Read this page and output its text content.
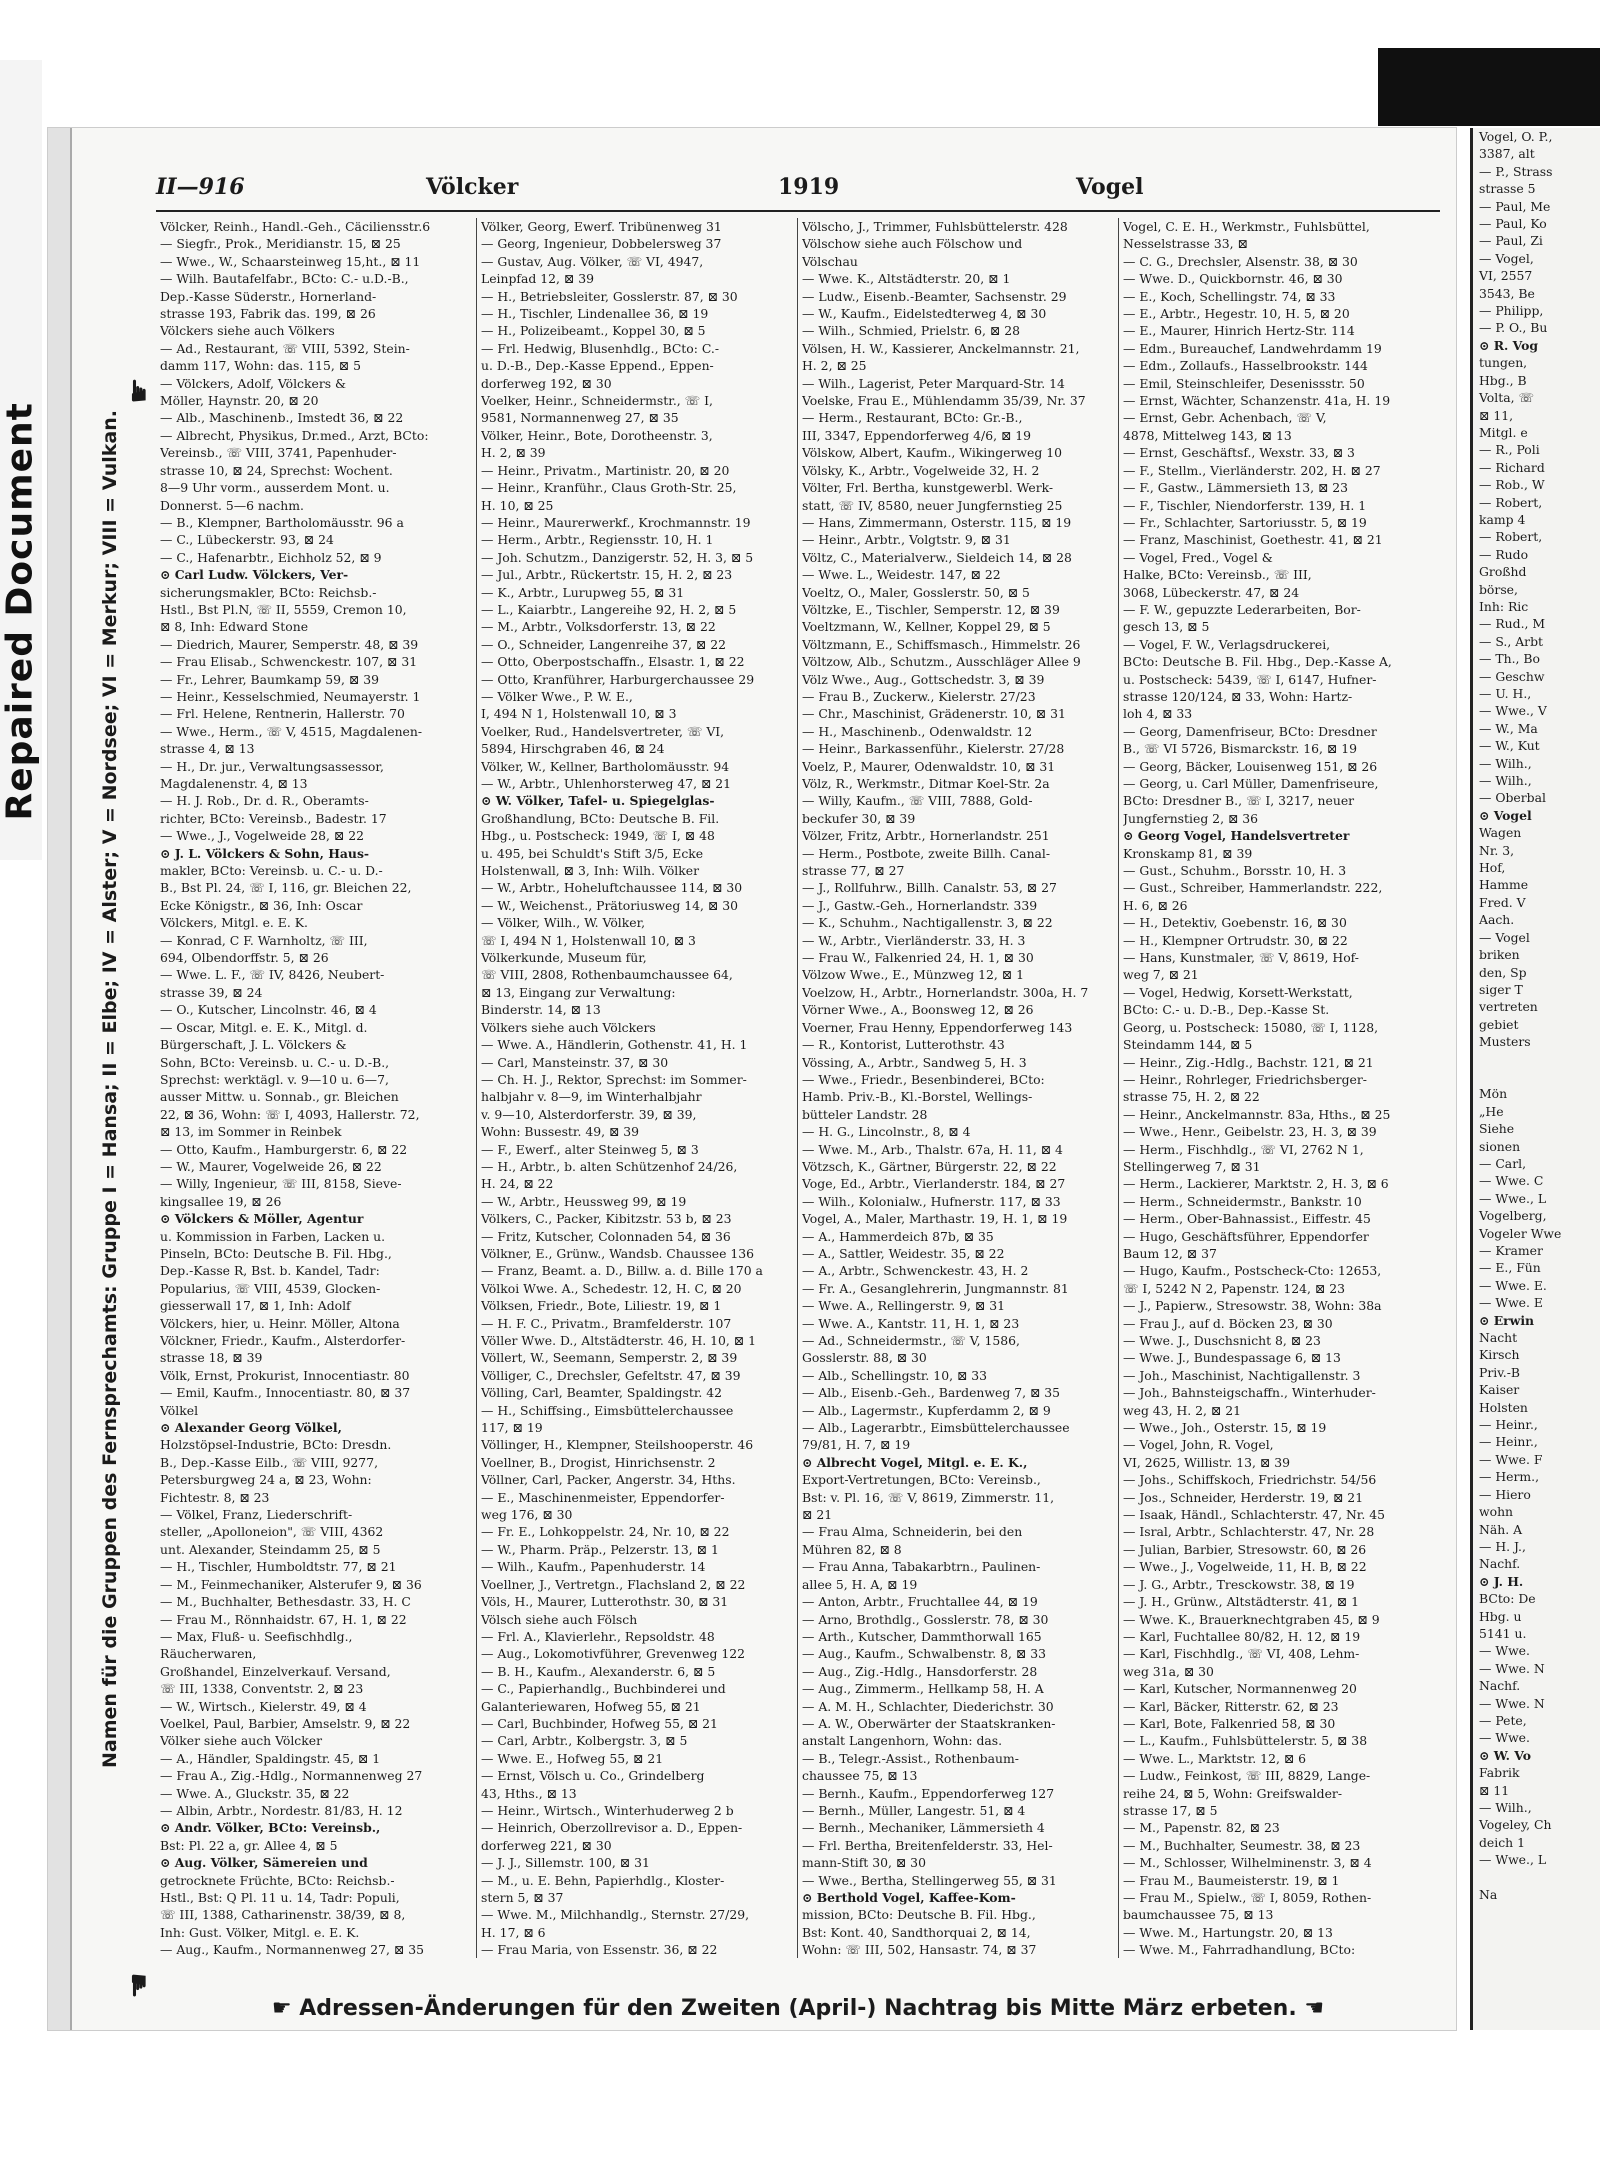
Repaired Document	Namen für die Gruppen des Fernsprechamts: Gruppe I = Hansa; II = Elbe; IV = Alster; V = Nordsee; VI = Merkur; VIII = Vulkan.
☛
☚
II—916	Völcker	1919	Vogel
Völcker, Reinh., Handl.-Geh., Cäciliensstr.6
— Siegfr., Prok., Meridianstr. 15, ⊠ 25
— Wwe., W., Schaarsteinweg 15,ht., ⊠ 11
— Wilh. Bautafelfabr., BCto: C.- u.D.-B.,
Dep.-Kasse Süderstr., Hornerland-
strasse 193, Fabrik das. 199, ⊠ 26
Völckers siehe auch Völkers
— Ad., Restaurant, ☏ VIII, 5392, Stein-
damm 117, Wohn: das. 115, ⊠ 5
— Völckers, Adolf, Völckers &
Möller, Haynstr. 20, ⊠ 20
— Alb., Maschinenb., Imstedt 36, ⊠ 22
— Albrecht, Physikus, Dr.med., Arzt, BCto:
Vereinsb., ☏ VIII, 3741, Papenhuder-
strasse 10, ⊠ 24, Sprechst: Wochent.
8—9 Uhr vorm., ausserdem Mont. u.
Donnerst. 5—6 nachm.
— B., Klempner, Bartholomäusstr. 96 a
— C., Lübeckerstr. 93, ⊠ 24
— C., Hafenarbtr., Eichholz 52, ⊠ 9
⊙ Carl Ludw. Völckers, Ver-
sicherungsmakler, BCto: Reichsb.-
Hstl., Bst Pl.N, ☏ II, 5559, Cremon 10,
⊠ 8, Inh: Edward Stone
— Diedrich, Maurer, Semperstr. 48, ⊠ 39
— Frau Elisab., Schwenckestr. 107, ⊠ 31
— Fr., Lehrer, Baumkamp 59, ⊠ 39
— Heinr., Kesselschmied, Neumayerstr. 1
— Frl. Helene, Rentnerin, Hallerstr. 70
— Wwe., Herm., ☏ V, 4515, Magdalenen-
strasse 4, ⊠ 13
— H., Dr. jur., Verwaltungsassessor,
Magdalenenstr. 4, ⊠ 13
— H. J. Rob., Dr. d. R., Oberamts-
richter, BCto: Vereinsb., Badestr. 17
— Wwe., J., Vogelweide 28, ⊠ 22
⊙ J. L. Völckers & Sohn, Haus-
makler, BCto: Vereinsb. u. C.- u. D.-
B., Bst Pl. 24, ☏ I, 116, gr. Bleichen 22,
Ecke Königstr., ⊠ 36, Inh: Oscar
Völckers, Mitgl. e. E. K.
— Konrad, C F. Warnholtz, ☏ III,
694, Olbendorffstr. 5, ⊠ 26
— Wwe. L. F., ☏ IV, 8426, Neubert-
strasse 39, ⊠ 24
— O., Kutscher, Lincolnstr. 46, ⊠ 4
— Oscar, Mitgl. e. E. K., Mitgl. d.
Bürgerschaft, J. L. Völckers &
Sohn, BCto: Vereinsb. u. C.- u. D.-B.,
Sprechst: werktägl. v. 9—10 u. 6—7,
ausser Mittw. u. Sonnab., gr. Bleichen
22, ⊠ 36, Wohn: ☏ I, 4093, Hallerstr. 72,
⊠ 13, im Sommer in Reinbek
— Otto, Kaufm., Hamburgerstr. 6, ⊠ 22
— W., Maurer, Vogelweide 26, ⊠ 22
— Willy, Ingenieur, ☏ III, 8158, Sieve-
kingsallee 19, ⊠ 26
⊙ Völckers & Möller, Agentur
u. Kommission in Farben, Lacken u.
Pinseln, BCto: Deutsche B. Fil. Hbg.,
Dep.-Kasse R, Bst. b. Kandel, Tadr:
Popularius, ☏ VIII, 4539, Glocken-
giesserwall 17, ⊠ 1, Inh: Adolf
Völckers, hier, u. Heinr. Möller, Altona
Völckner, Friedr., Kaufm., Alsterdorfer-
strasse 18, ⊠ 39
Völk, Ernst, Prokurist, Innocentiastr. 80
— Emil, Kaufm., Innocentiastr. 80, ⊠ 37
Völkel
⊙ Alexander Georg Völkel,
Holzstöpsel-Industrie, BCto: Dresdn.
B., Dep.-Kasse Eilb., ☏ VIII, 9277,
Petersburgweg 24 a, ⊠ 23, Wohn:
Fichtestr. 8, ⊠ 23
— Völkel, Franz, Liederschrift-
steller, „Apolloneion", ☏ VIII, 4362
unt. Alexander, Steindamm 25, ⊠ 5
— H., Tischler, Humboldtstr. 77, ⊠ 21
— M., Feinmechaniker, Alsterufer 9, ⊠ 36
— M., Buchhalter, Bethesdastr. 33, H. C
— Frau M., Rönnhaidstr. 67, H. 1, ⊠ 22
— Max, Fluß- u. Seefischhdlg.,
Räucherwaren,
Großhandel, Einzelverkauf. Versand,
☏ III, 1338, Conventstr. 2, ⊠ 23
— W., Wirtsch., Kielerstr. 49, ⊠ 4
Voelkel, Paul, Barbier, Amselstr. 9, ⊠ 22
Völker siehe auch Völcker
— A., Händler, Spaldingstr. 45, ⊠ 1
— Frau A., Zig.-Hdlg., Normannenweg 27
— Wwe. A., Gluckstr. 35, ⊠ 22
— Albin, Arbtr., Nordestr. 81/83, H. 12
⊙ Andr. Völker, BCto: Vereinsb.,
Bst: Pl. 22 a, gr. Allee 4, ⊠ 5
⊙ Aug. Völker, Sämereien und
getrocknete Früchte, BCto: Reichsb.-
Hstl., Bst: Q Pl. 11 u. 14, Tadr: Populi,
☏ III, 1388, Catharinenstr. 38/39, ⊠ 8,
Inh: Gust. Völker, Mitgl. e. E. K.
— Aug., Kaufm., Normannenweg 27, ⊠ 35
Völker, Georg, Ewerf. Tribünenweg 31
— Georg, Ingenieur, Dobbelersweg 37
— Gustav, Aug. Völker, ☏ VI, 4947,
Leinpfad 12, ⊠ 39
— H., Betriebsleiter, Gosslerstr. 87, ⊠ 30
— H., Tischler, Lindenallee 36, ⊠ 19
— H., Polizeibeamt., Koppel 30, ⊠ 5
— Frl. Hedwig, Blusenhdlg., BCto: C.-
u. D.-B., Dep.-Kasse Eppend., Eppen-
dorferweg 192, ⊠ 30
Voelker, Heinr., Schneidermstr., ☏ I,
9581, Normannenweg 27, ⊠ 35
Völker, Heinr., Bote, Dorotheenstr. 3,
H. 2, ⊠ 39
— Heinr., Privatm., Martinistr. 20, ⊠ 20
— Heinr., Kranführ., Claus Groth-Str. 25,
H. 10, ⊠ 25
— Heinr., Maurerwerkf., Krochmannstr. 19
— Herm., Arbtr., Regiensstr. 10, H. 1
— Joh. Schutzm., Danzigerstr. 52, H. 3, ⊠ 5
— Jul., Arbtr., Rückertstr. 15, H. 2, ⊠ 23
— K., Arbtr., Lurupweg 55, ⊠ 31
— L., Kaiarbtr., Langereihe 92, H. 2, ⊠ 5
— M., Arbtr., Volksdorferstr. 13, ⊠ 22
— O., Schneider, Langenreihe 37, ⊠ 22
— Otto, Oberpostschaffn., Elsastr. 1, ⊠ 22
— Otto, Kranführer, Harburgerchaussee 29
— Völker Wwe., P. W. E.,
I, 494 N 1, Holstenwall 10, ⊠ 3
Voelker, Rud., Handelsvertreter, ☏ VI,
5894, Hirschgraben 46, ⊠ 24
Völker, W., Kellner, Bartholomäusstr. 94
— W., Arbtr., Uhlenhorsterweg 47, ⊠ 21
⊙ W. Völker, Tafel- u. Spiegelglas-
Großhandlung, BCto: Deutsche B. Fil.
Hbg., u. Postscheck: 1949, ☏ I, ⊠ 48
u. 495, bei Schuldt's Stift 3/5, Ecke
Holstenwall, ⊠ 3, Inh: Wilh. Völker
— W., Arbtr., Hoheluftchaussee 114, ⊠ 30
— W., Weichenst., Prätoriusweg 14, ⊠ 30
— Völker, Wilh., W. Völker,
☏ I, 494 N 1, Holstenwall 10, ⊠ 3
Völkerkunde, Museum für,
☏ VIII, 2808, Rothenbaumchaussee 64,
⊠ 13, Eingang zur Verwaltung:
Binderstr. 14, ⊠ 13
Völkers siehe auch Völckers
— Wwe. A., Händlerin, Gothenstr. 41, H. 1
— Carl, Mansteinstr. 37, ⊠ 30
— Ch. H. J., Rektor, Sprechst: im Sommer-
halbjahr v. 8—9, im Winterhalbjahr
v. 9—10, Alsterdorferstr. 39, ⊠ 39,
Wohn: Bussestr. 49, ⊠ 39
— F., Ewerf., alter Steinweg 5, ⊠ 3
— H., Arbtr., b. alten Schützenhof 24/26,
H. 24, ⊠ 22
— W., Arbtr., Heussweg 99, ⊠ 19
Völkers, C., Packer, Kibitzstr. 53 b, ⊠ 23
— Fritz, Kutscher, Colonnaden 54, ⊠ 36
Völkner, E., Grünw., Wandsb. Chaussee 136
— Franz, Beamt. a. D., Billw. a. d. Bille 170 a
Völkoi Wwe. A., Schedestr. 12, H. C, ⊠ 20
Völksen, Friedr., Bote, Liliestr. 19, ⊠ 1
— H. F. C., Privatm., Bramfelderstr. 107
Völler Wwe. D., Altstädterstr. 46, H. 10, ⊠ 1
Völlert, W., Seemann, Semperstr. 2, ⊠ 39
Völliger, C., Drechsler, Gefeltstr. 47, ⊠ 39
Völling, Carl, Beamter, Spaldingstr. 42
— H., Schiffsing., Eimsbüttelerchaussee
117, ⊠ 19
Völlinger, H., Klempner, Steilshooperstr. 46
Voellner, B., Drogist, Hinrichsenstr. 2
Völlner, Carl, Packer, Angerstr. 34, Hths.
— E., Maschinenmeister, Eppendorfer-
weg 176, ⊠ 30
— Fr. E., Lohkoppelstr. 24, Nr. 10, ⊠ 22
— W., Pharm. Präp., Pelzerstr. 13, ⊠ 1
— Wilh., Kaufm., Papenhuderstr. 14
Voellner, J., Vertretgn., Flachsland 2, ⊠ 22
Völs, H., Maurer, Lutterothstr. 30, ⊠ 31
Völsch siehe auch Fölsch
— Frl. A., Klavierlehr., Repsoldstr. 48
— Aug., Lokomotivführer, Grevenweg 122
— B. H., Kaufm., Alexanderstr. 6, ⊠ 5
— C., Papierhandlg., Buchbinderei und
Galanteriewaren, Hofweg 55, ⊠ 21
— Carl, Buchbinder, Hofweg 55, ⊠ 21
— Carl, Arbtr., Kolbergstr. 3, ⊠ 5
— Wwe. E., Hofweg 55, ⊠ 21
— Ernst, Völsch u. Co., Grindelberg
43, Hths., ⊠ 13
— Heinr., Wirtsch., Winterhuderweg 2 b
— Heinrich, Oberzollrevisor a. D., Eppen-
dorferweg 221, ⊠ 30
— J. J., Sillemstr. 100, ⊠ 31
— M., u. E. Behn, Papierhdlg., Kloster-
stern 5, ⊠ 37
— Wwe. M., Milchhandlg., Sternstr. 27/29,
H. 17, ⊠ 6
— Frau Maria, von Essenstr. 36, ⊠ 22
Völscho, J., Trimmer, Fuhlsbüttelerstr. 428
Völschow siehe auch Fölschow und
Völschau
— Wwe. K., Altstädterstr. 20, ⊠ 1
— Ludw., Eisenb.-Beamter, Sachsenstr. 29
— W., Kaufm., Eidelstedterweg 4, ⊠ 30
— Wilh., Schmied, Prielstr. 6, ⊠ 28
Völsen, H. W., Kassierer, Anckelmannstr. 21,
H. 2, ⊠ 25
— Wilh., Lagerist, Peter Marquard-Str. 14
Voelske, Frau E., Mühlendamm 35/39, Nr. 37
— Herm., Restaurant, BCto: Gr.-B.,
III, 3347, Eppendorferweg 4/6, ⊠ 19
Völskow, Albert, Kaufm., Wikingerweg 10
Völsky, K., Arbtr., Vogelweide 32, H. 2
Völter, Frl. Bertha, kunstgewerbl. Werk-
statt, ☏ IV, 8580, neuer Jungfernstieg 25
— Hans, Zimmermann, Osterstr. 115, ⊠ 19
— Heinr., Arbtr., Volgtstr. 9, ⊠ 31
Völtz, C., Materialverw., Sieldeich 14, ⊠ 28
— Wwe. L., Weidestr. 147, ⊠ 22
Voeltz, O., Maler, Gosslerstr. 50, ⊠ 5
Völtzke, E., Tischler, Semperstr. 12, ⊠ 39
Voeltzmann, W., Kellner, Koppel 29, ⊠ 5
Völtzmann, E., Schiffsmasch., Himmelstr. 26
Völtzow, Alb., Schutzm., Ausschläger Allee 9
Völz Wwe., Aug., Gottschedstr. 3, ⊠ 39
— Frau B., Zuckerw., Kielerstr. 27/23
— Chr., Maschinist, Grädenerstr. 10, ⊠ 31
— H., Maschinenb., Odenwaldstr. 12
— Heinr., Barkassenführ., Kielerstr. 27/28
Voelz, P., Maurer, Odenwaldstr. 10, ⊠ 31
Völz, R., Werkmstr., Ditmar Koel-Str. 2a
— Willy, Kaufm., ☏ VIII, 7888, Gold-
beckufer 30, ⊠ 39
Völzer, Fritz, Arbtr., Hornerlandstr. 251
— Herm., Postbote, zweite Billh. Canal-
strasse 77, ⊠ 27
— J., Rollfuhrw., Billh. Canalstr. 53, ⊠ 27
— J., Gastw.-Geh., Hornerlandstr. 339
— K., Schuhm., Nachtigallenstr. 3, ⊠ 22
— W., Arbtr., Vierländerstr. 33, H. 3
— Frau W., Falkenried 24, H. 1, ⊠ 30
Völzow Wwe., E., Münzweg 12, ⊠ 1
Voelzow, H., Arbtr., Hornerlandstr. 300a, H. 7
Vörner Wwe., A., Boonsweg 12, ⊠ 26
Voerner, Frau Henny, Eppendorferweg 143
— R., Kontorist, Lutterothstr. 43
Vössing, A., Arbtr., Sandweg 5, H. 3
— Wwe., Friedr., Besenbinderei, BCto:
Hamb. Priv.-B., Kl.-Borstel, Wellings-
bütteler Landstr. 28
— H. G., Lincolnstr., 8, ⊠ 4
— Wwe. M., Arb., Thalstr. 67a, H. 11, ⊠ 4
Vötzsch, K., Gärtner, Bürgerstr. 22, ⊠ 22
Voge, Ed., Arbtr., Vierlanderstr. 184, ⊠ 27
— Wilh., Kolonialw., Hufnerstr. 117, ⊠ 33
Vogel, A., Maler, Marthastr. 19, H. 1, ⊠ 19
— A., Hammerdeich 87b, ⊠ 35
— A., Sattler, Weidestr. 35, ⊠ 22
— A., Arbtr., Schwenckestr. 43, H. 2
— Fr. A., Gesanglehrerin, Jungmannstr. 81
— Wwe. A., Rellingerstr. 9, ⊠ 31
— Wwe. A., Kantstr. 11, H. 1, ⊠ 23
— Ad., Schneidermstr., ☏ V, 1586,
Gosslerstr. 88, ⊠ 30
— Alb., Schellingstr. 10, ⊠ 33
— Alb., Eisenb.-Geh., Bardenweg 7, ⊠ 35
— Alb., Lagermstr., Kupferdamm 2, ⊠ 9
— Alb., Lagerarbtr., Eimsbüttelerchaussee
79/81, H. 7, ⊠ 19
⊙ Albrecht Vogel, Mitgl. e. E. K.,
Export-Vertretungen, BCto: Vereinsb.,
Bst: v. Pl. 16, ☏ V, 8619, Zimmerstr. 11,
⊠ 21
— Frau Alma, Schneiderin, bei den
Mühren 82, ⊠ 8
— Frau Anna, Tabakarbtrn., Paulinen-
allee 5, H. A, ⊠ 19
— Anton, Arbtr., Fruchtallee 44, ⊠ 19
— Arno, Brothdlg., Gosslerstr. 78, ⊠ 30
— Arth., Kutscher, Dammthorwall 165
— Aug., Kaufm., Schwalbenstr. 8, ⊠ 33
— Aug., Zig.-Hdlg., Hansdorferstr. 28
— Aug., Zimmerm., Hellkamp 58, H. A
— A. M. H., Schlachter, Diederichstr. 30
— A. W., Oberwärter der Staatskranken-
anstalt Langenhorn, Wohn: das.
— B., Telegr.-Assist., Rothenbaum-
chaussee 75, ⊠ 13
— Bernh., Kaufm., Eppendorferweg 127
— Bernh., Müller, Langestr. 51, ⊠ 4
— Bernh., Mechaniker, Lämmersieth 4
— Frl. Bertha, Breitenfelderstr. 33, Hel-
mann-Stift 30, ⊠ 30
— Wwe., Bertha, Stellingerweg 55, ⊠ 31
⊙ Berthold Vogel, Kaffee-Kom-
mission, BCto: Deutsche B. Fil. Hbg.,
Bst: Kont. 40, Sandthorquai 2, ⊠ 14,
Wohn: ☏ III, 502, Hansastr. 74, ⊠ 37
Vogel, C. E. H., Werkmstr., Fuhlsbüttel,
Nesselstrasse 33, ⊠
— C. G., Drechsler, Alsenstr. 38, ⊠ 30
— Wwe. D., Quickbornstr. 46, ⊠ 30
— E., Koch, Schellingstr. 74, ⊠ 33
— E., Arbtr., Hegestr. 10, H. 5, ⊠ 20
— E., Maurer, Hinrich Hertz-Str. 114
— Edm., Bureauchef, Landwehrdamm 19
— Edm., Zollaufs., Hasselbrookstr. 144
— Emil, Steinschleifer, Desenissstr. 50
— Ernst, Wächter, Schanzenstr. 41a, H. 19
— Ernst, Gebr. Achenbach, ☏ V,
4878, Mittelweg 143, ⊠ 13
— Ernst, Geschäftsf., Wexstr. 33, ⊠ 3
— F., Stellm., Vierländerstr. 202, H. ⊠ 27
— F., Gastw., Lämmersieth 13, ⊠ 23
— F., Tischler, Niendorferstr. 139, H. 1
— Fr., Schlachter, Sartoriusstr. 5, ⊠ 19
— Franz, Maschinist, Goethestr. 41, ⊠ 21
— Vogel, Fred., Vogel &
Halke, BCto: Vereinsb., ☏ III,
3068, Lübeckerstr. 47, ⊠ 24
— F. W., gepuzzte Lederarbeiten, Bor-
gesch 13, ⊠ 5
— Vogel, F. W., Verlagsdruckerei,
BCto: Deutsche B. Fil. Hbg., Dep.-Kasse A,
u. Postscheck: 5439, ☏ I, 6147, Hufner-
strasse 120/124, ⊠ 33, Wohn: Hartz-
loh 4, ⊠ 33
— Georg, Damenfriseur, BCto: Dresdner
B., ☏ VI 5726, Bismarckstr. 16, ⊠ 19
— Georg, Bäcker, Louisenweg 151, ⊠ 26
— Georg, u. Carl Müller, Damenfriseure,
BCto: Dresdner B., ☏ I, 3217, neuer
Jungfernstieg 2, ⊠ 36
⊙ Georg Vogel, Handelsvertreter
Kronskamp 81, ⊠ 39
— Gust., Schuhm., Borsstr. 10, H. 3
— Gust., Schreiber, Hammerlandstr. 222,
H. 6, ⊠ 26
— H., Detektiv, Goebenstr. 16, ⊠ 30
— H., Klempner Ortrudstr. 30, ⊠ 22
— Hans, Kunstmaler, ☏ V, 8619, Hof-
weg 7, ⊠ 21
— Vogel, Hedwig, Korsett-Werkstatt,
BCto: C.- u. D.-B., Dep.-Kasse St.
Georg, u. Postscheck: 15080, ☏ I, 1128,
Steindamm 144, ⊠ 5
— Heinr., Zig.-Hdlg., Bachstr. 121, ⊠ 21
— Heinr., Rohrleger, Friedrichsberger-
strasse 75, H. 2, ⊠ 22
— Heinr., Anckelmannstr. 83a, Hths., ⊠ 25
— Wwe., Henr., Geibelstr. 23, H. 3, ⊠ 39
— Herm., Fischhdlg., ☏ VI, 2762 N 1,
Stellingerweg 7, ⊠ 31
— Herm., Lackierer, Marktstr. 2, H. 3, ⊠ 6
— Herm., Schneidermstr., Bankstr. 10
— Herm., Ober-Bahnassist., Eiffestr. 45
— Hugo, Geschäftsführer, Eppendorfer
Baum 12, ⊠ 37
— Hugo, Kaufm., Postscheck-Cto: 12653,
☏ I, 5242 N 2, Papenstr. 124, ⊠ 23
— J., Papierw., Stresowstr. 38, Wohn: 38a
— Frau J., auf d. Böcken 23, ⊠ 30
— Wwe. J., Duschsnicht 8, ⊠ 23
— Wwe. J., Bundespassage 6, ⊠ 13
— Joh., Maschinist, Nachtigallenstr. 3
— Joh., Bahnsteigschaffn., Winterhuder-
weg 43, H. 2, ⊠ 21
— Wwe., Joh., Osterstr. 15, ⊠ 19
— Vogel, John, R. Vogel,
VI, 2625, Willistr. 13, ⊠ 39
— Johs., Schiffskoch, Friedrichstr. 54/56
— Jos., Schneider, Herderstr. 19, ⊠ 21
— Isaak, Händl., Schlachterstr. 47, Nr. 45
— Isral, Arbtr., Schlachterstr. 47, Nr. 28
— Julian, Barbier, Stresowstr. 60, ⊠ 26
— Wwe., J., Vogelweide, 11, H. B, ⊠ 22
— J. G., Arbtr., Tresckowstr. 38, ⊠ 19
— J. H., Grünw., Altstädterstr. 41, ⊠ 1
— Wwe. K., Brauerknechtgraben 45, ⊠ 9
— Karl, Fuchtallee 80/82, H. 12, ⊠ 19
— Karl, Fischhdlg., ☏ VI, 408, Lehm-
weg 31a, ⊠ 30
— Karl, Kutscher, Normannenweg 20
— Karl, Bäcker, Ritterstr. 62, ⊠ 23
— Karl, Bote, Falkenried 58, ⊠ 30
— L., Kaufm., Fuhlsbüttelerstr. 5, ⊠ 38
— Wwe. L., Marktstr. 12, ⊠ 6
— Ludw., Feinkost, ☏ III, 8829, Lange-
reihe 24, ⊠ 5, Wohn: Greifswalder-
strasse 17, ⊠ 5
— M., Papenstr. 82, ⊠ 23
— M., Buchhalter, Seumestr. 38, ⊠ 23
— M., Schlosser, Wilhelminenstr. 3, ⊠ 4
— Frau M., Baumeisterstr. 19, ⊠ 1
— Frau M., Spielw., ☏ I, 8059, Rothen-
baumchaussee 75, ⊠ 13
— Wwe. M., Hartungstr. 20, ⊠ 13
— Wwe. M., Fahrradhandlung, BCto:
☛ Adressen-Änderungen für den Zweiten (April-) Nachtrag bis Mitte März erbeten. ☚
Vogel, O. P.,
3387, alt
— P., Strass
strasse 5
— Paul, Me
— Paul, Ko
— Paul, Zi
— Vogel,
VI, 2557
3543, Be
— Philipp,
— P. O., Bu
⊙ R. Vog
tungen,
Hbg., B
Volta, ☏
⊠ 11,
Mitgl. e
— R., Poli
— Richard
— Rob., W
— Robert,
kamp 4
— Robert,
— Rudo
Großhd
börse,
Inh: Ric
— Rud., M
— S., Arbt
— Th., Bo
— Geschw
— U. H.,
— Wwe., V
— W., Ma
— W., Kut
— Wilh.,
— Wilh.,
— Oberbal
⊙ Vogel
Wagen
Nr. 3,
Hof,
Hamme
Fred. V
Aach.
— Vogel
briken
den, Sp
siger T
vertreten
gebiet
Musters

Mön
„He
Siehe
sionen
— Carl,
— Wwe. C
— Wwe., L
Vogelberg,
Vogeler Wwe
— Kramer
— E., Fün
— Wwe. E.
— Wwe. E
⊙ Erwin
Nacht
Kirsch
Priv.-B
Kaiser
Holsten
— Heinr.,
— Heinr.,
— Wwe. F
— Herm.,
— Hiero
wohn
Näh. A
— H. J.,
Nachf.
⊙ J. H.
BCto: De
Hbg. u
5141 u.
— Wwe.
— Wwe. N
Nachf.
— Wwe. N
— Pete,
— Wwe.
⊙ W. Vo
Fabrik
⊠ 11
— Wilh.,
Vogeley, Ch
deich 1
— Wwe., L

Na
